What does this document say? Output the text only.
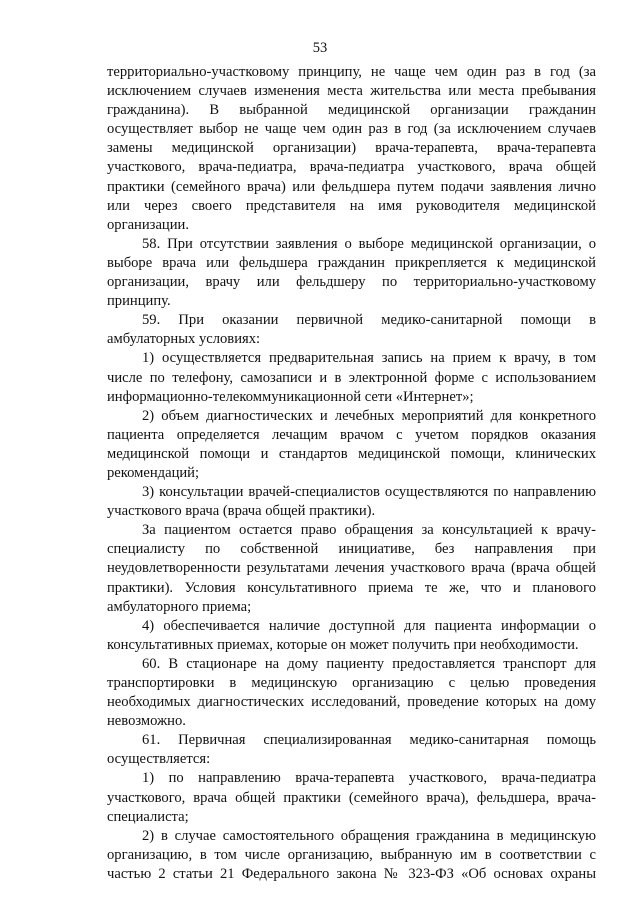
53

территориально-участковому принципу, не чаще чем один раз в год (за исключением случаев изменения места жительства или места пребывания гражданина). В выбранной медицинской организации гражданин осуществляет выбор не чаще чем один раз в год (за исключением случаев замены медицинской организации) врача-терапевта, врача-терапевта участкового, врача-педиатра, врача-педиатра участкового, врача общей практики (семейного врача) или фельдшера путем подачи заявления лично или через своего представителя на имя руководителя медицинской организации.

58. При отсутствии заявления о выборе медицинской организации, о выборе врача или фельдшера гражданин прикрепляется к медицинской организации, врачу или фельдшеру по территориально-участковому принципу.

59. При оказании первичной медико-санитарной помощи в амбулаторных условиях:

1) осуществляется предварительная запись на прием к врачу, в том числе по телефону, самозаписи и в электронной форме с использованием информационно-телекоммуникационной сети «Интернет»;

2) объем диагностических и лечебных мероприятий для конкретного пациента определяется лечащим врачом с учетом порядков оказания медицинской помощи и стандартов медицинской помощи, клинических рекомендаций;

3) консультации врачей-специалистов осуществляются по направлению участкового врача (врача общей практики).

За пациентом остается право обращения за консультацией к врачу-специалисту по собственной инициативе, без направления при неудовлетворенности результатами лечения участкового врача (врача общей практики). Условия консультативного приема те же, что и планового амбулаторного приема;

4) обеспечивается наличие доступной для пациента информации о консультативных приемах, которые он может получить при необходимости.

60. В стационаре на дому пациенту предоставляется транспорт для транспортировки в медицинскую организацию с целью проведения необходимых диагностических исследований, проведение которых на дому невозможно.

61. Первичная специализированная медико-санитарная помощь осуществляется:

1) по направлению врача-терапевта участкового, врача-педиатра участкового, врача общей практики (семейного врача), фельдшера, врача-специалиста;

2) в случае самостоятельного обращения гражданина в медицинскую организацию, в том числе организацию, выбранную им в соответствии с частью 2 статьи 21 Федерального закона № 323-ФЗ «Об основах охраны
